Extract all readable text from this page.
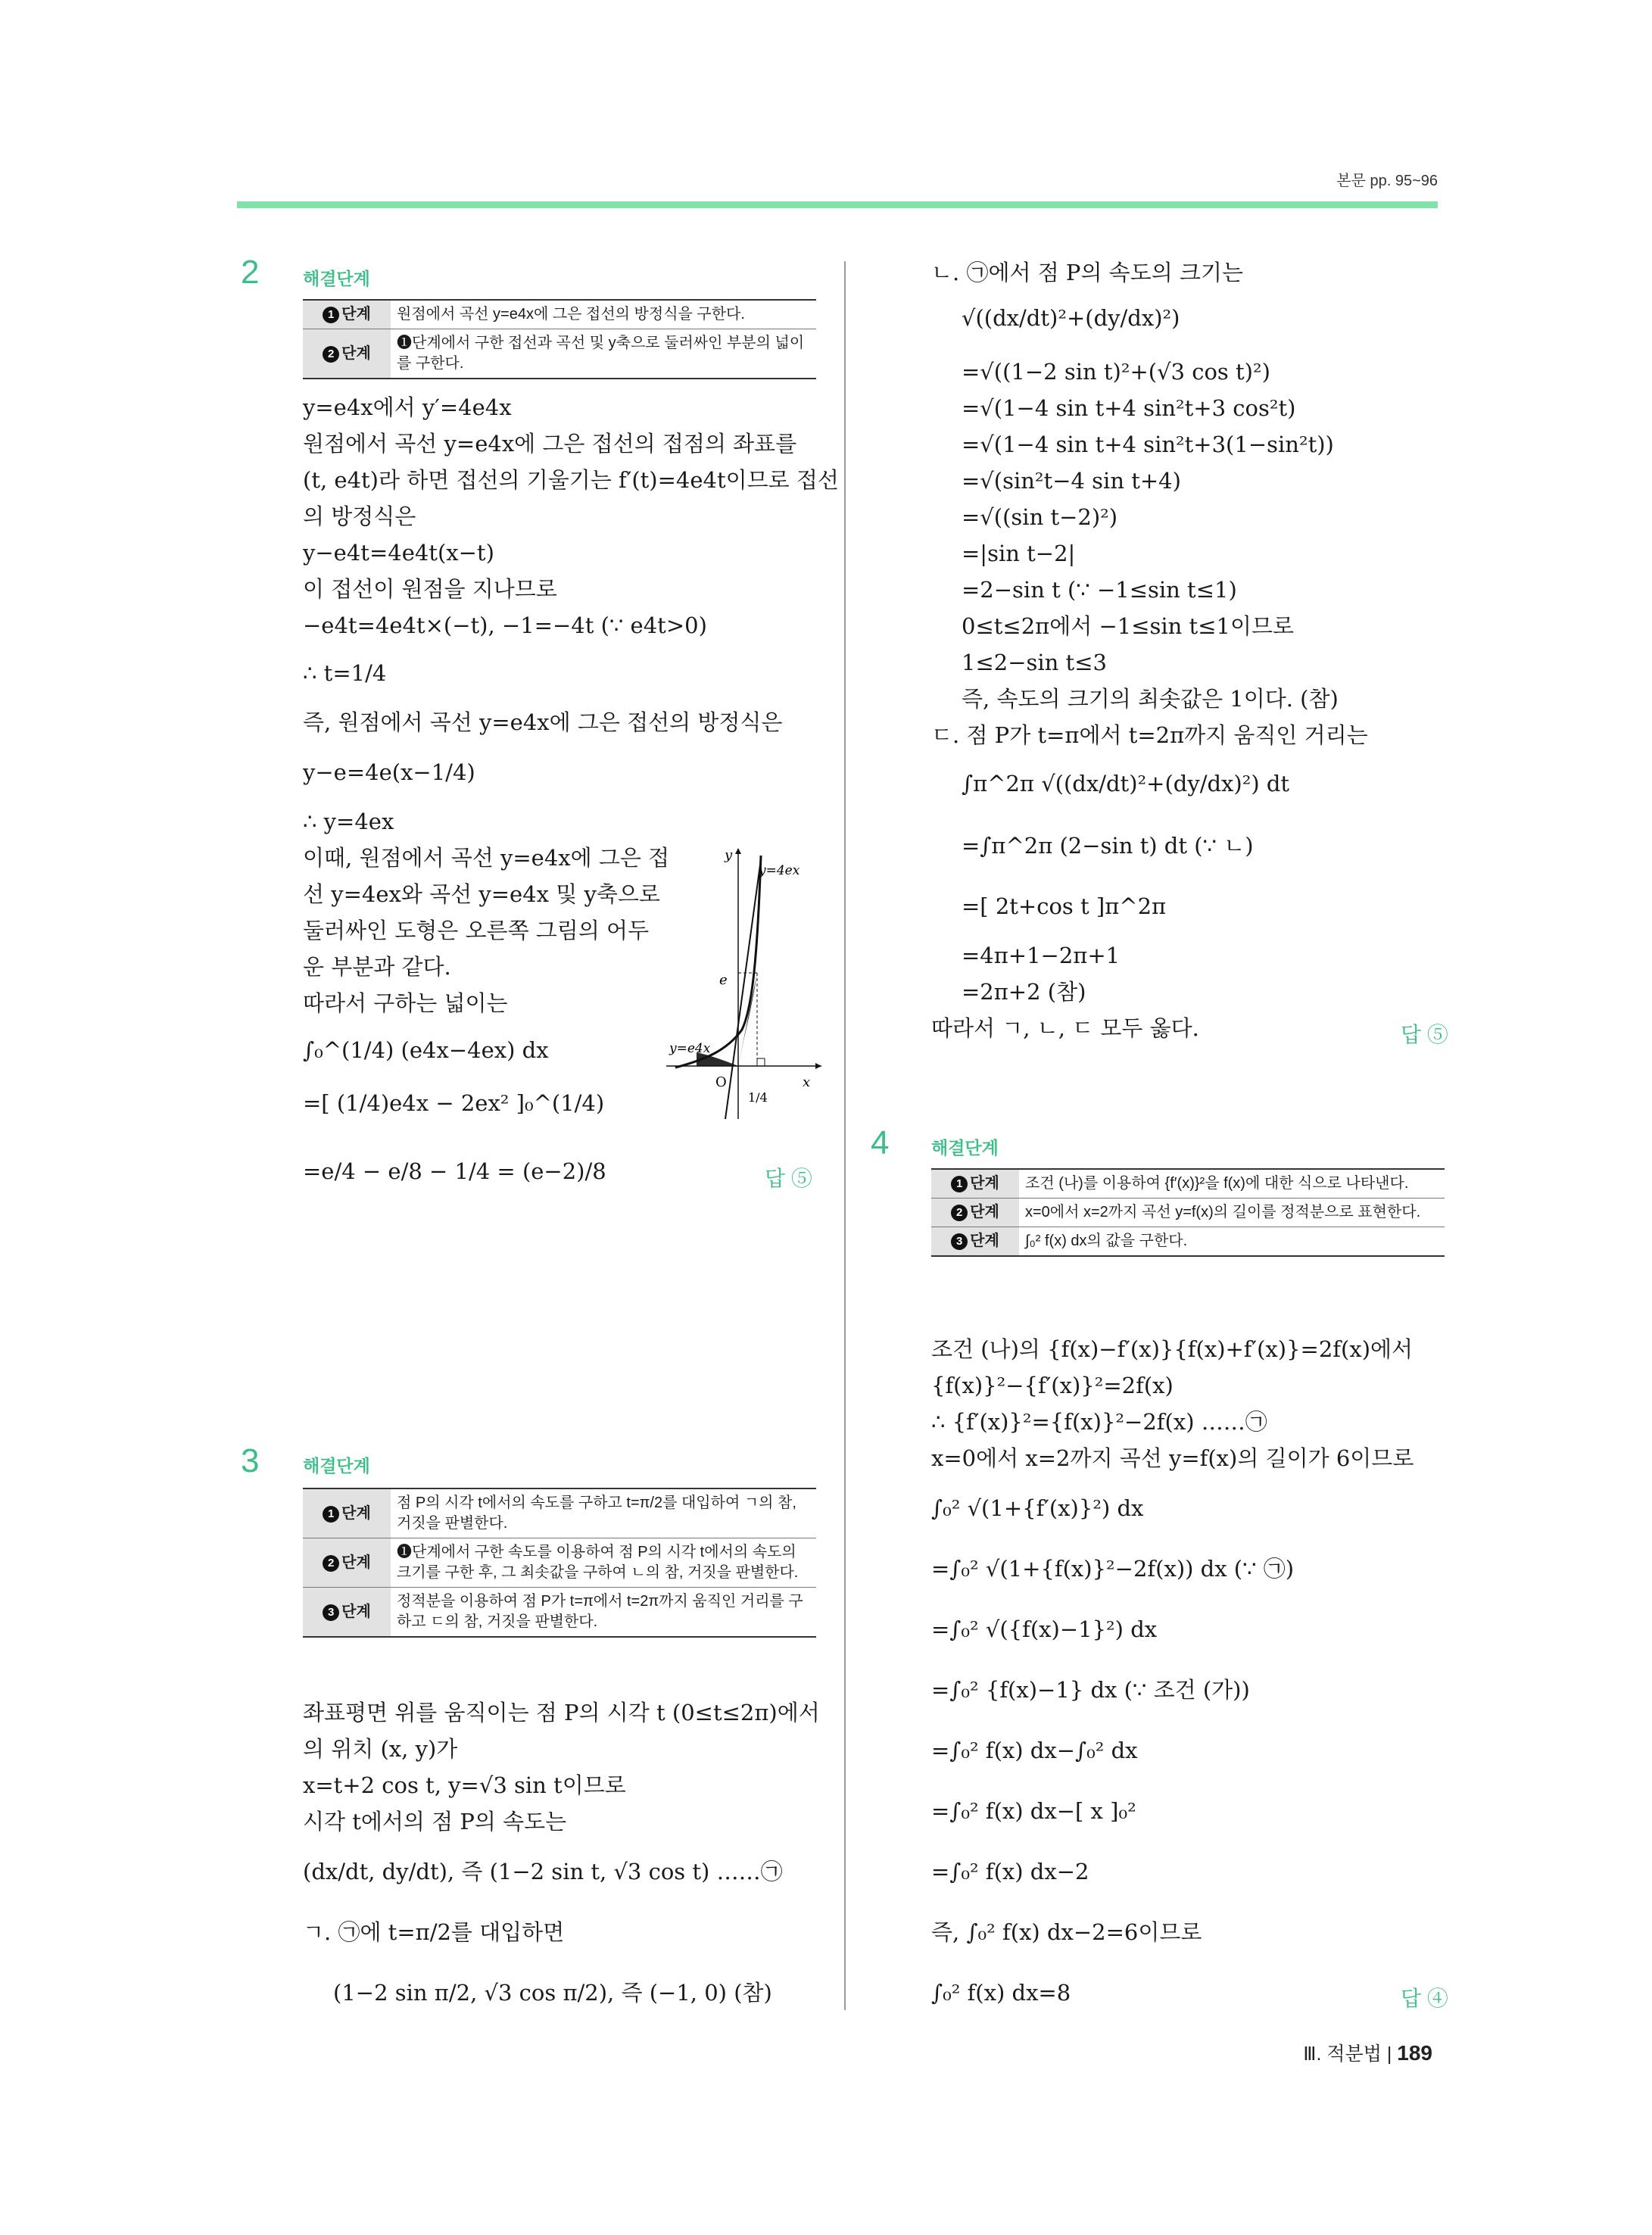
본문 pp. 95~96
2	해결단계
1 단계	원점에서 곡선 y=e4x에 그은 접선의 방정식을 구한다.
2 단계	❶단계에서 구한 접선과 곡선 및 y축으로 둘러싸인 부분의 넓이를 구한다.
y=e4x에서 y′=4e4x
원점에서 곡선 y=e4x에 그은 접선의 접점의 좌표를
(t, e4t)라 하면 접선의 기울기는 f′(t)=4e4t이므로 접선
의 방정식은
y−e4t=4e4t(x−t)
이 접선이 원점을 지나므로
−e4t=4e4t×(−t), −1=−4t (∵ e4t>0)
∴ t=1/4
즉, 원점에서 곡선 y=e4x에 그은 접선의 방정식은
y−e=4e(x−1/4)
∴ y=4ex
이때, 원점에서 곡선 y=e4x에 그은 접
선 y=4ex와 곡선 y=e4x 및 y축으로
둘러싸인 도형은 오른쪽 그림의 어두
운 부분과 같다.
따라서 구하는 넓이는
∫₀^(1/4) (e4x−4ex) dx
=[ (1/4)e4x − 2ex² ]₀^(1/4)
=e/4 − e/8 − 1/4 = (e−2)/8	답 ⑤
y
x
O
e
1/4
y=4ex
y=e4x
3	해결단계
1 단계	점 P의 시각 t에서의 속도를 구하고 t=π/2를 대입하여 ㄱ의 참, 거짓을 판별한다.
2 단계	❶단계에서 구한 속도를 이용하여 점 P의 시각 t에서의 속도의 크기를 구한 후, 그 최솟값을 구하여 ㄴ의 참, 거짓을 판별한다.
3 단계	정적분을 이용하여 점 P가 t=π에서 t=2π까지 움직인 거리를 구하고 ㄷ의 참, 거짓을 판별한다.
좌표평면 위를 움직이는 점 P의 시각 t (0≤t≤2π)에서
의 위치 (x, y)가
x=t+2 cos t, y=√3 sin t이므로
시각 t에서의 점 P의 속도는
(dx/dt, dy/dt), 즉 (1−2 sin t, √3 cos t) ……㉠
ㄱ. ㉠에 t=π/2를 대입하면
(1−2 sin π/2, √3 cos π/2), 즉 (−1, 0) (참)
ㄴ. ㉠에서 점 P의 속도의 크기는
√((dx/dt)²+(dy/dx)²)
=√((1−2 sin t)²+(√3 cos t)²)
=√(1−4 sin t+4 sin²t+3 cos²t)
=√(1−4 sin t+4 sin²t+3(1−sin²t))
=√(sin²t−4 sin t+4)
=√((sin t−2)²)
=|sin t−2|
=2−sin t (∵ −1≤sin t≤1)
0≤t≤2π에서 −1≤sin t≤1이므로
1≤2−sin t≤3
즉, 속도의 크기의 최솟값은 1이다. (참)
ㄷ. 점 P가 t=π에서 t=2π까지 움직인 거리는
∫π^2π √((dx/dt)²+(dy/dx)²) dt
=∫π^2π (2−sin t) dt (∵ ㄴ)
=[ 2t+cos t ]π^2π
=4π+1−2π+1
=2π+2 (참)
따라서 ㄱ, ㄴ, ㄷ 모두 옳다.	답 ⑤
4 해결단계
1 단계	조건 (나)를 이용하여 {f′(x)}²을 f(x)에 대한 식으로 나타낸다.
2 단계	x=0에서 x=2까지 곡선 y=f(x)의 길이를 정적분으로 표현한다.
3 단계	∫₀² f(x) dx의 값을 구한다.
조건 (나)의 {f(x)−f′(x)}{f(x)+f′(x)}=2f(x)에서
{f(x)}²−{f′(x)}²=2f(x)
∴ {f′(x)}²={f(x)}²−2f(x) ……㉠
x=0에서 x=2까지 곡선 y=f(x)의 길이가 6이므로
∫₀² √(1+{f′(x)}²) dx
=∫₀² √(1+{f(x)}²−2f(x)) dx (∵ ㉠)
=∫₀² √({f(x)−1}²) dx
=∫₀² {f(x)−1} dx (∵ 조건 (가))
=∫₀² f(x) dx−∫₀² dx
=∫₀² f(x) dx−[ x ]₀²
=∫₀² f(x) dx−2
즉, ∫₀² f(x) dx−2=6이므로
∫₀² f(x) dx=8	답 ④
Ⅲ. 적분법 | 189
